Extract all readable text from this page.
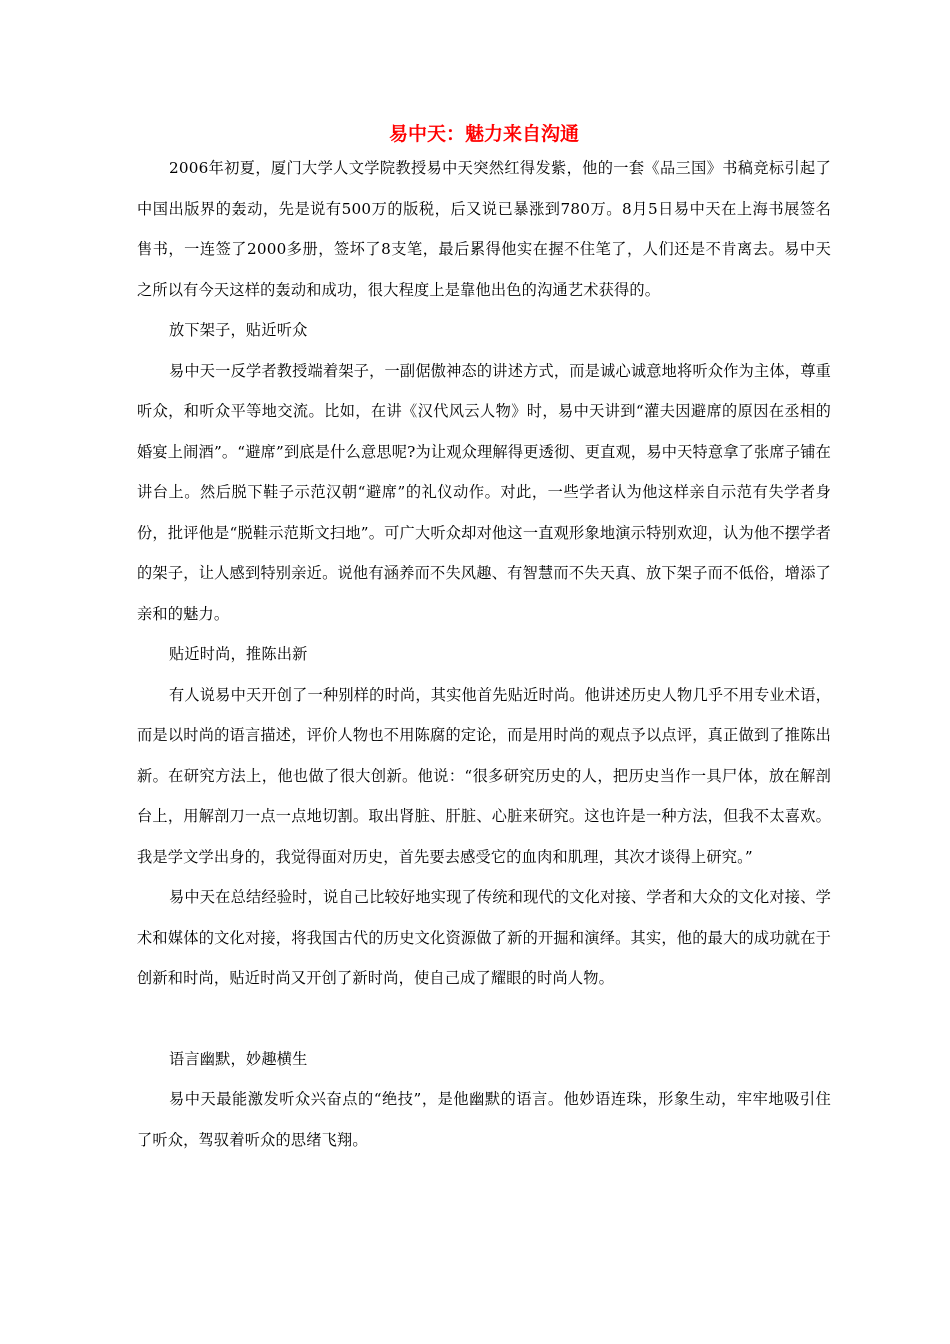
易中天：魅力来自沟通

2006年初夏，厦门大学人文学院教授易中天突然红得发紫，他的一套《品三国》书稿竞标引起了中国出版界的轰动，先是说有500万的版税，后又说已暴涨到780万。8月5日易中天在上海书展签名售书，一连签了2000多册，签坏了8支笔，最后累得他实在握不住笔了，人们还是不肯离去。易中天之所以有今天这样的轰动和成功，很大程度上是靠他出色的沟通艺术获得的。

放下架子，贴近听众

易中天一反学者教授端着架子，一副倨傲神态的讲述方式，而是诚心诚意地将听众作为主体，尊重听众，和听众平等地交流。比如，在讲《汉代风云人物》时，易中天讲到“灌夫因避席的原因在丞相的婚宴上闹酒”。“避席”到底是什么意思呢?为让观众理解得更透彻、更直观，易中天特意拿了张席子铺在讲台上。然后脱下鞋子示范汉朝“避席”的礼仪动作。对此，一些学者认为他这样亲自示范有失学者身份，批评他是“脱鞋示范斯文扫地”。可广大听众却对他这一直观形象地演示特别欢迎，认为他不摆学者的架子，让人感到特别亲近。说他有涵养而不失风趣、有智慧而不失天真、放下架子而不低俗，增添了亲和的魅力。

贴近时尚，推陈出新

有人说易中天开创了一种别样的时尚，其实他首先贴近时尚。他讲述历史人物几乎不用专业术语，而是以时尚的语言描述，评价人物也不用陈腐的定论，而是用时尚的观点予以点评，真正做到了推陈出新。在研究方法上，他也做了很大创新。他说：“很多研究历史的人，把历史当作一具尸体，放在解剖台上，用解剖刀一点一点地切割。取出肾脏、肝脏、心脏来研究。这也许是一种方法，但我不太喜欢。我是学文学出身的，我觉得面对历史，首先要去感受它的血肉和肌理，其次才谈得上研究。”

易中天在总结经验时，说自己比较好地实现了传统和现代的文化对接、学者和大众的文化对接、学术和媒体的文化对接，将我国古代的历史文化资源做了新的开掘和演绎。其实，他的最大的成功就在于创新和时尚，贴近时尚又开创了新时尚，使自己成了耀眼的时尚人物。

语言幽默，妙趣横生

易中天最能激发听众兴奋点的“绝技”，是他幽默的语言。他妙语连珠，形象生动，牢牢地吸引住了听众，驾驭着听众的思绪飞翔。
